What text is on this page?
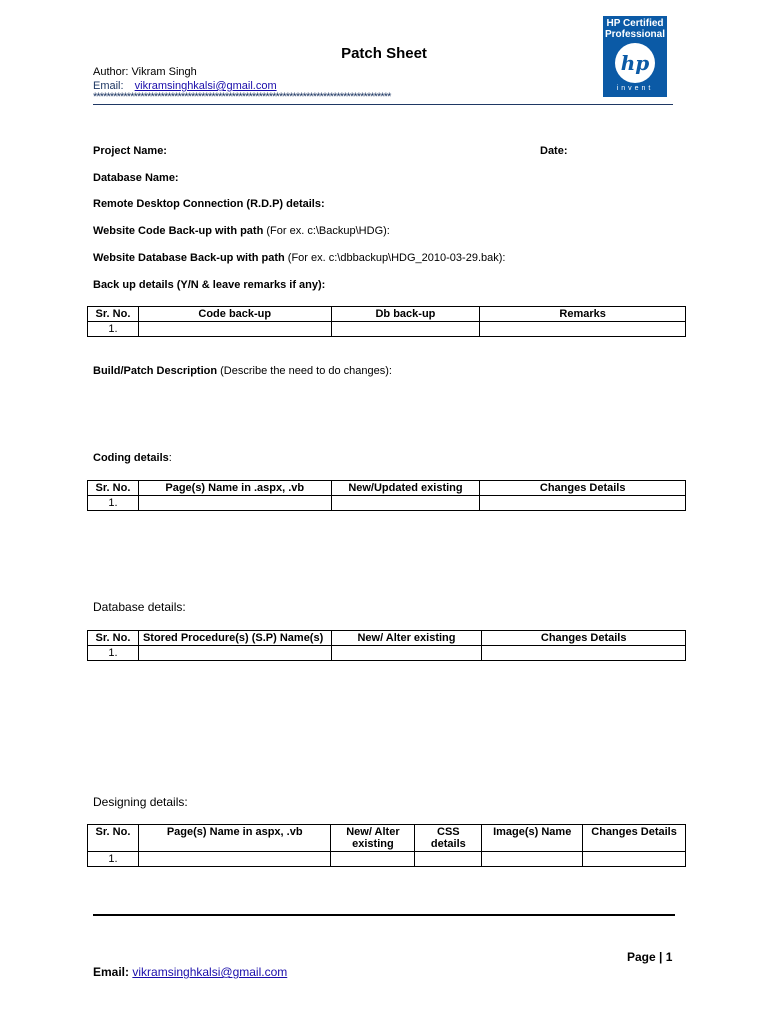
Patch Sheet
Author: Vikram Singh
Email: vikramsinghkalsi@gmail.com
****************************************************************************************
HP Certified
Professional
hp
invent
Project Name:	Date:
Database Name:
Remote Desktop Connection (R.D.P) details:
Website Code Back-up with path (For ex. c:\Backup\HDG):
Website Database Back-up with path (For ex. c:\dbbackup\HDG_2010-03-29.bak):
Back up details (Y/N & leave remarks if any):
Sr. No.	Code back-up	Db back-up	Remarks
1.			
Build/Patch Description (Describe the need to do changes):
Coding details:
Sr. No.	Page(s) Name in .aspx, .vb	New/Updated existing	Changes Details
1.			
Database details:
Sr. No.	Stored Procedure(s) (S.P) Name(s)	New/ Alter existing	Changes Details
1.			
Designing details:
Sr. No.	Page(s) Name in aspx, .vb	New/ Alter existing	CSS details	Image(s) Name	Changes Details
1.					
Page | 1
Email: vikramsinghkalsi@gmail.com
